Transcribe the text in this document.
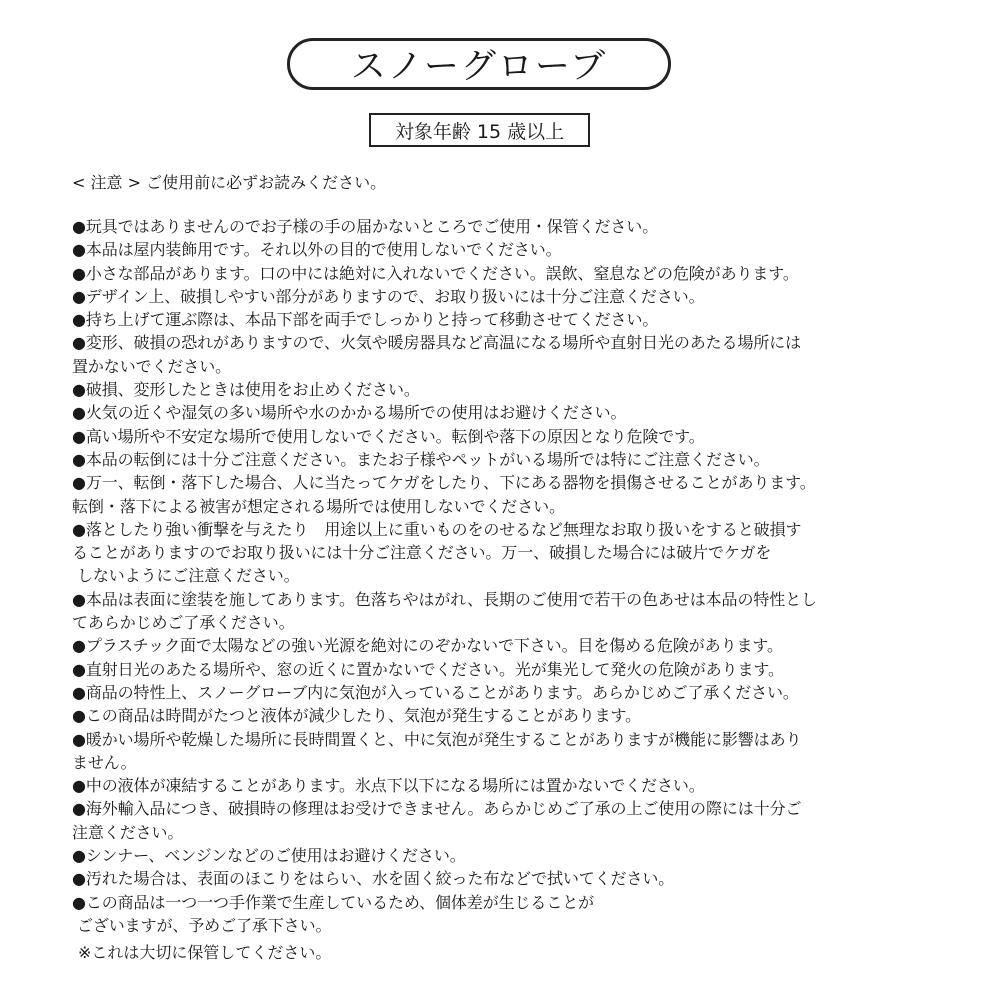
スノーグローブ
対象年齢 15 歳以上
< 注意 > ご使用前に必ずお読みください。
●玩具ではありませんのでお子様の手の届かないところでご使用・保管ください。
●本品は屋内装飾用です。それ以外の目的で使用しないでください。
●小さな部品があります。口の中には絶対に入れないでください。誤飲、窒息などの危険があります。
●デザイン上、破損しやすい部分がありますので、お取り扱いには十分ご注意ください。
●持ち上げて運ぶ際は、本品下部を両手でしっかりと持って移動させてください。
●変形、破損の恐れがありますので、火気や暖房器具など高温になる場所や直射日光のあたる場所には
置かないでください。
●破損、変形したときは使用をお止めください。
●火気の近くや湿気の多い場所や水のかかる場所での使用はお避けください。
●高い場所や不安定な場所で使用しないでください。転倒や落下の原因となり危険です。
●本品の転倒には十分ご注意ください。またお子様やペットがいる場所では特にご注意ください。
●万一、転倒・落下した場合、人に当たってケガをしたり、下にある器物を損傷させることがあります。
転倒・落下による被害が想定される場所では使用しないでください。
●落としたり強い衝撃を与えたり　用途以上に重いものをのせるなど無理なお取り扱いをすると破損す
ることがありますのでお取り扱いには十分ご注意ください。万一、破損した場合には破片でケガを
しないようにご注意ください。
●本品は表面に塗装を施してあります。色落ちやはがれ、長期のご使用で若干の色あせは本品の特性とし
てあらかじめご了承ください。
●プラスチック面で太陽などの強い光源を絶対にのぞかないで下さい。目を傷める危険があります。
●直射日光のあたる場所や、窓の近くに置かないでください。光が集光して発火の危険があります。
●商品の特性上、スノーグローブ内に気泡が入っていることがあります。あらかじめご了承ください。
●この商品は時間がたつと液体が減少したり、気泡が発生することがあります。
●暖かい場所や乾燥した場所に長時間置くと、中に気泡が発生することがありますが機能に影響はあり
ません。
●中の液体が凍結することがあります。氷点下以下になる場所には置かないでください。
●海外輸入品につき、破損時の修理はお受けできません。あらかじめご了承の上ご使用の際には十分ご
注意ください。
●シンナー、ベンジンなどのご使用はお避けください。
●汚れた場合は、表面のほこりをはらい、水を固く絞った布などで拭いてください。
●この商品は一つ一つ手作業で生産しているため、個体差が生じることが
ございますが、予めご了承下さい。
※これは大切に保管してください。
